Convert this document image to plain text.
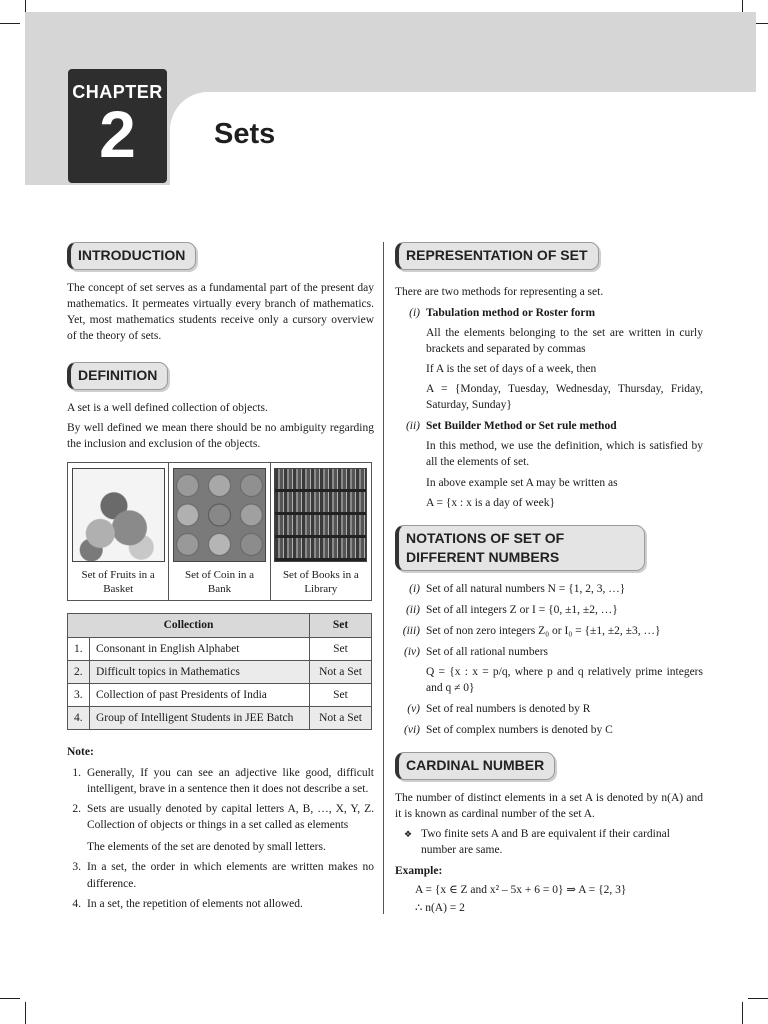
CHAPTER
2	Sets
INTRODUCTION

The concept of set serves as a fundamental part of the present day mathematics. It permeates virtually every branch of mathematics. Yet, most mathematics students receive only a cursory overview of the theory of sets.

DEFINITION

A set is a well defined collection of objects.

By well defined we mean there should be no ambiguity regarding the inclusion and exclusion of the objects.

Set of Fruits in a Basket

Set of Coin in a Bank

Set of Books in a Library
Collection		Set
1.	Consonant in English Alphabet	Set
2.	Difficult topics in Mathematics	Not a Set
3.	Collection of past Presidents of India	Set
4.	Group of Intelligent Students in JEE Batch	Not a Set
Note:
1. Generally, If you can see an adjective like good, difficult intelligent, brave in a sentence then it does not describe a set.
2. Sets are usually denoted by capital letters A, B, …, X, Y, Z. Collection of objects or things in a set called as elements
The elements of the set are denoted by small letters.
3. In a set, the order in which elements are written makes no difference.
4. In a set, the repetition of elements not allowed.
REPRESENTATION OF SET

There are two methods for representing a set.

(i) Tabulation method or Roster form

All the elements belonging to the set are written in curly brackets and separated by commas

If A is the set of days of a week, then

A = {Monday, Tuesday, Wednesday, Thursday, Friday, Saturday, Sunday}

(ii) Set Builder Method or Set rule method

In this method, we use the definition, which is satisfied by all the elements of set.

In above example set A may be written as

A = {x : x is a day of week}

NOTATIONS OF SET OF DIFFERENT NUMBERS
(i) Set of all natural numbers N = {1, 2, 3, …}
(ii) Set of all integers Z or I = {0, ±1, ±2, …}
(iii) Set of non zero integers Z₀ or I₀ = {±1, ±2, ±3, …}
(iv) Set of all rational numbers

Q = {x : x = p/q, where p and q relatively prime integers and q ≠ 0}

(v) Set of real numbers is denoted by R
(vi) Set of complex numbers is denoted by C
CARDINAL NUMBER

The number of distinct elements in a set A is denoted by n(A) and it is known as cardinal number of the set A.

❖ Two finite sets A and B are equivalent if their cardinal number are same.
Example:

A = {x ∈ Z and x² – 5x + 6 = 0} ⇒ A = {2, 3}

∴ n(A) = 2
